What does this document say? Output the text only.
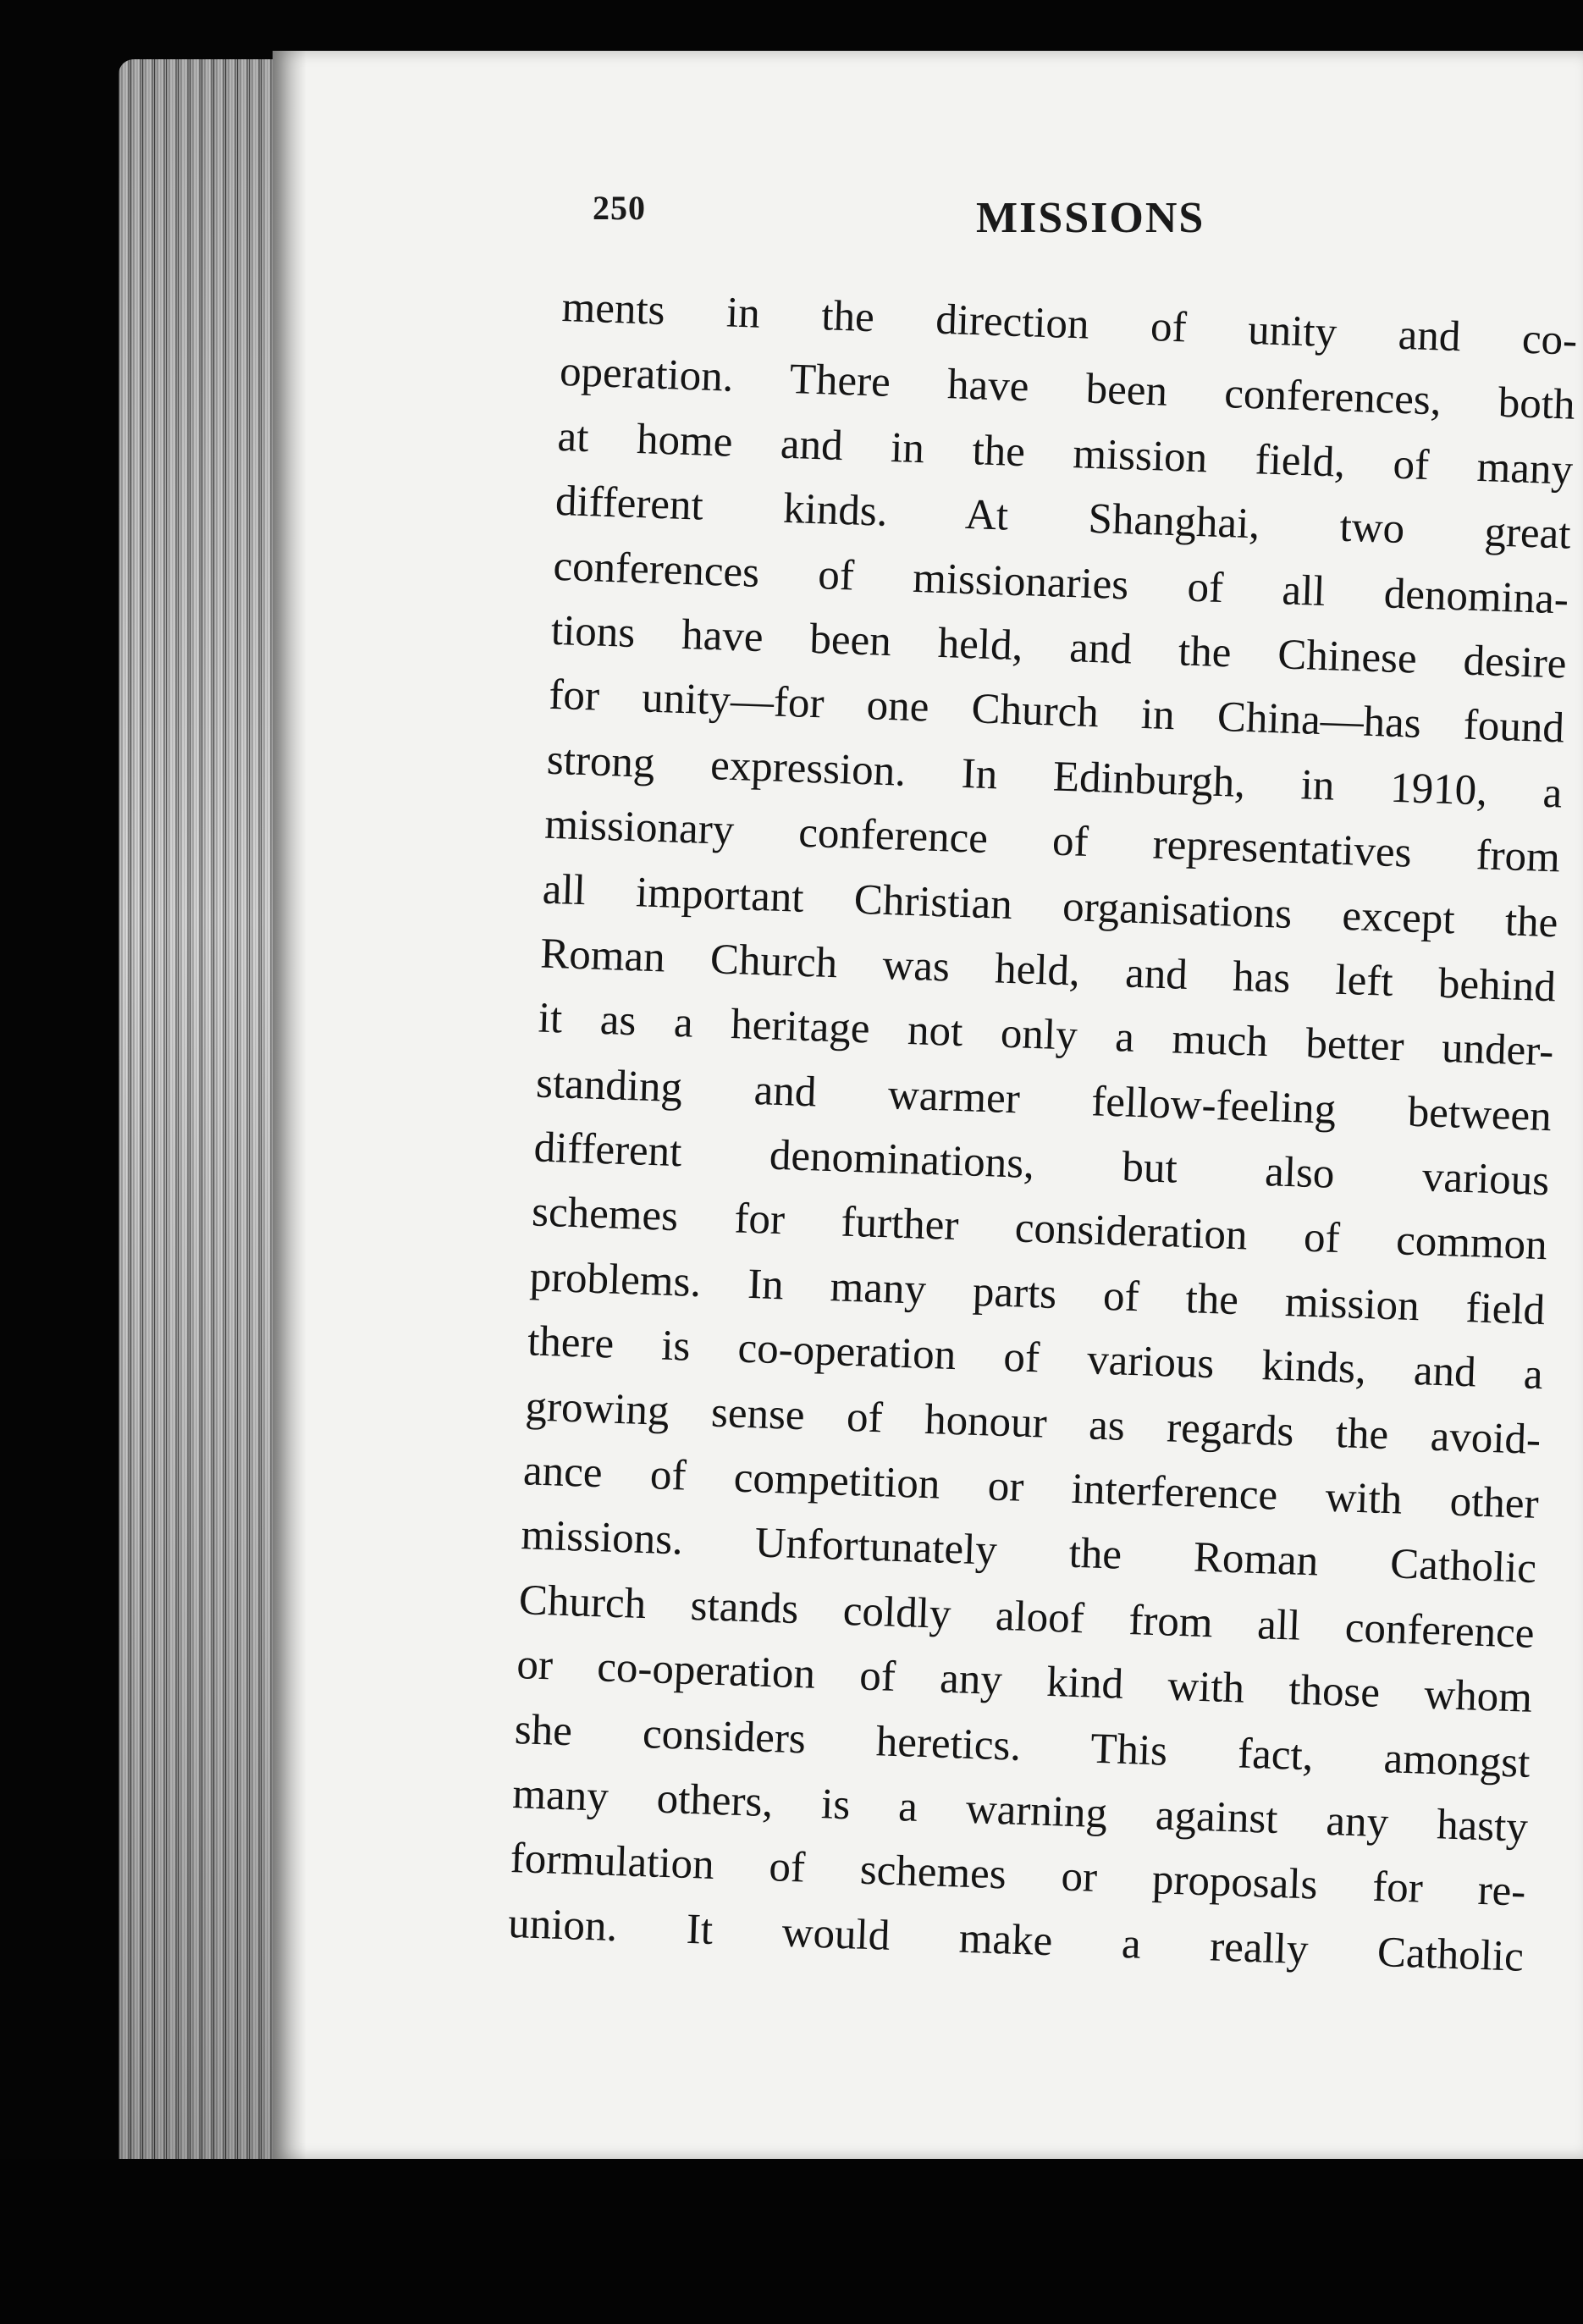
250	MISSIONS
ments in the direction of unity and co-
operation. There have been conferences, both
at home and in the mission field, of many
different kinds. At Shanghai, two great
conferences of missionaries of all denomina-
tions have been held, and the Chinese desire
for unity—for one Church in China—has found
strong expression. In Edinburgh, in 1910, a
missionary conference of representatives from
all important Christian organisations except the
Roman Church was held, and has left behind
it as a heritage not only a much better under-
standing and warmer fellow-feeling between
different denominations, but also various
schemes for further consideration of common
problems. In many parts of the mission field
there is co-operation of various kinds, and a
growing sense of honour as regards the avoid-
ance of competition or interference with other
missions. Unfortunately the Roman Catholic
Church stands coldly aloof from all conference
or co-operation of any kind with those whom
she considers heretics. This fact, amongst
many others, is a warning against any hasty
formulation of schemes or proposals for re-
union. It would make a really Catholic
